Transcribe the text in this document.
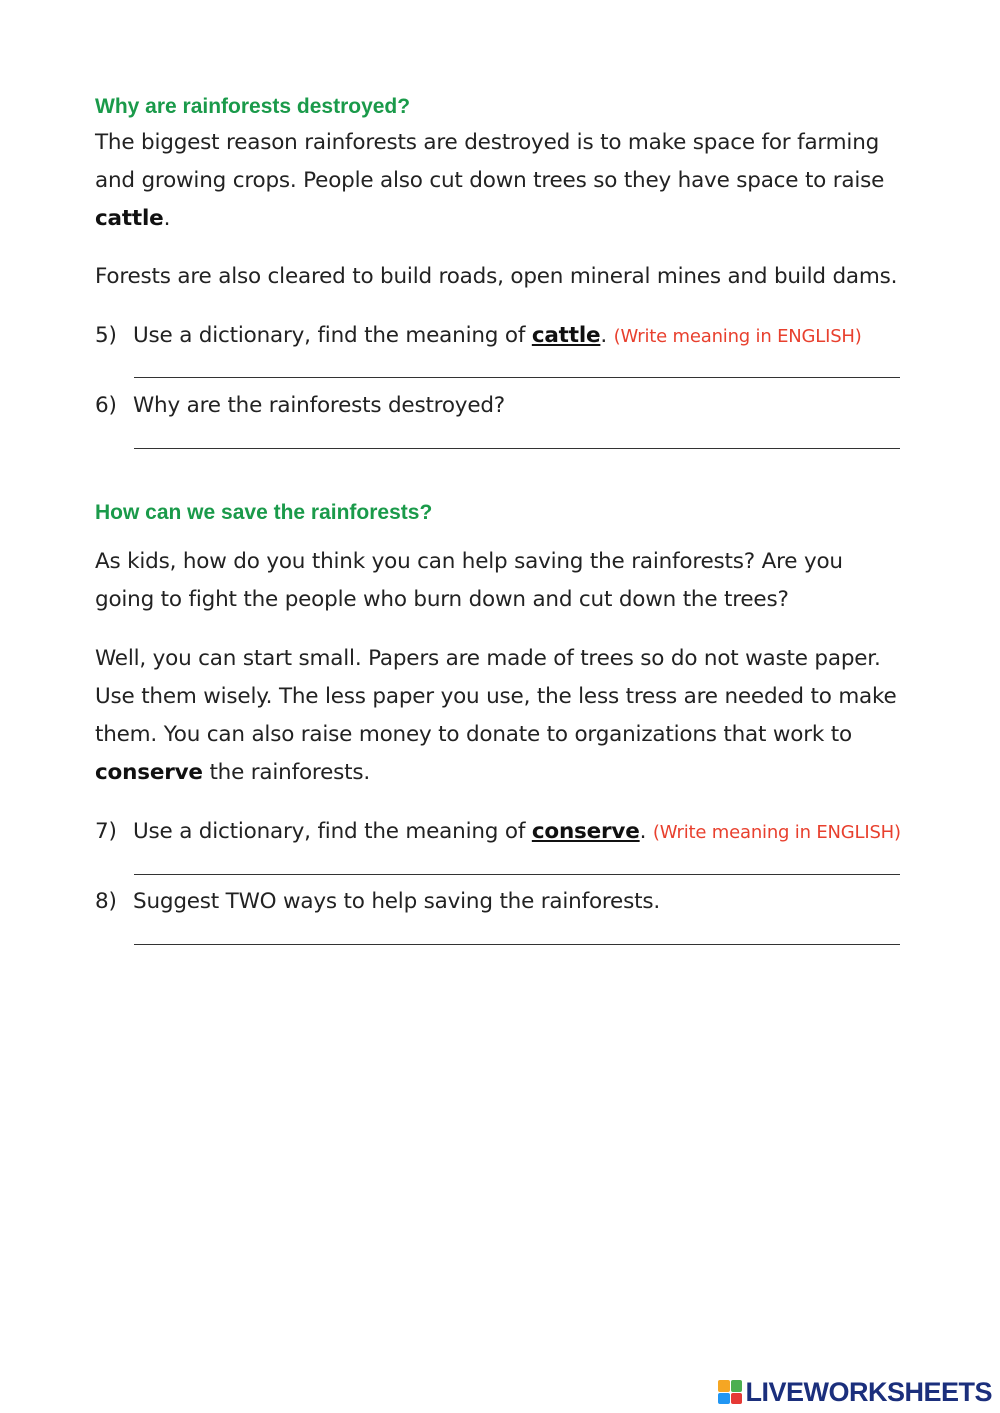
Why are rainforests destroyed?
The biggest reason rainforests are destroyed is to make space for farming and growing crops. People also cut down trees so they have space to raise cattle.
Forests are also cleared to build roads, open mineral mines and build dams.
5) Use a dictionary, find the meaning of cattle. (Write meaning in ENGLISH)
6) Why are the rainforests destroyed?
How can we save the rainforests?
As kids, how do you think you can help saving the rainforests? Are you going to fight the people who burn down and cut down the trees?
Well, you can start small. Papers are made of trees so do not waste paper. Use them wisely. The less paper you use, the less tress are needed to make them. You can also raise money to donate to organizations that work to conserve the rainforests.
7) Use a dictionary, find the meaning of conserve. (Write meaning in ENGLISH)
8) Suggest TWO ways to help saving the rainforests.
LIVEWORKSHEETS
